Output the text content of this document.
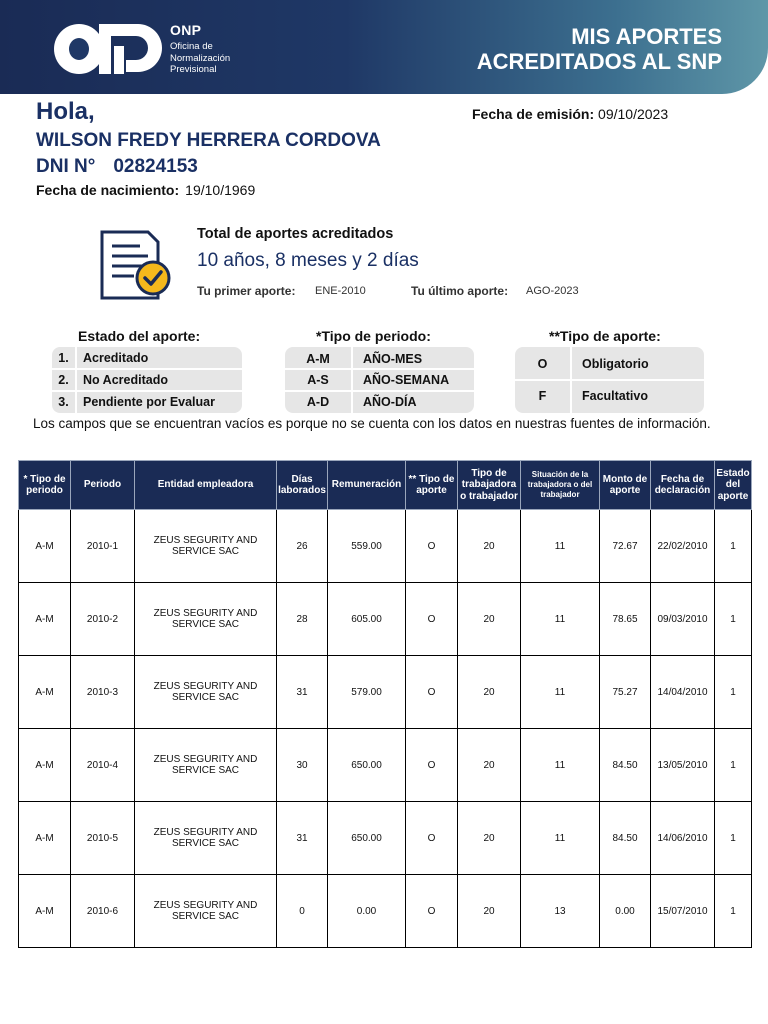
ONP
Oficina de
Normalización
Previsional
MIS APORTES
ACREDITADOS AL SNP
Hola,	Fecha de emisión: 09/10/2023
WILSON FREDY HERRERA CORDOVA
DNI N° 02824153
Fecha de nacimiento: 19/10/1969
Total de aportes acreditados
10 años, 8 meses y 2 días
Tu primer aporte: ENE-2010	Tu último aporte: AGO-2023
Estado del aporte:
1.	Acreditado
2.	No Acreditado
3.	Pendiente por Evaluar
*Tipo de periodo:
A-M	AÑO-MES
A-S	AÑO-SEMANA
A-D	AÑO-DÍA
**Tipo de aporte:
O	Obligatorio
F	Facultativo
Los campos que se encuentran vacíos es porque no se cuenta con los datos en nuestras fuentes de información.
* Tipo de periodo	Periodo	Entidad empleadora	Días laborados	Remuneración	** Tipo de aporte	Tipo de trabajadora o trabajador	Situación de la trabajadora o del trabajador	Monto de aporte	Fecha de declaración	Estado del aporte
A-M	2010-1	ZEUS SEGURITY AND SERVICE SAC	26	559.00	O	20	11	72.67	22/02/2010	1
A-M	2010-2	ZEUS SEGURITY AND SERVICE SAC	28	605.00	O	20	11	78.65	09/03/2010	1
A-M	2010-3	ZEUS SEGURITY AND SERVICE SAC	31	579.00	O	20	11	75.27	14/04/2010	1
A-M	2010-4	ZEUS SEGURITY AND SERVICE SAC	30	650.00	O	20	11	84.50	13/05/2010	1
A-M	2010-5	ZEUS SEGURITY AND SERVICE SAC	31	650.00	O	20	11	84.50	14/06/2010	1
A-M	2010-6	ZEUS SEGURITY AND SERVICE SAC	0	0.00	O	20	13	0.00	15/07/2010	1
